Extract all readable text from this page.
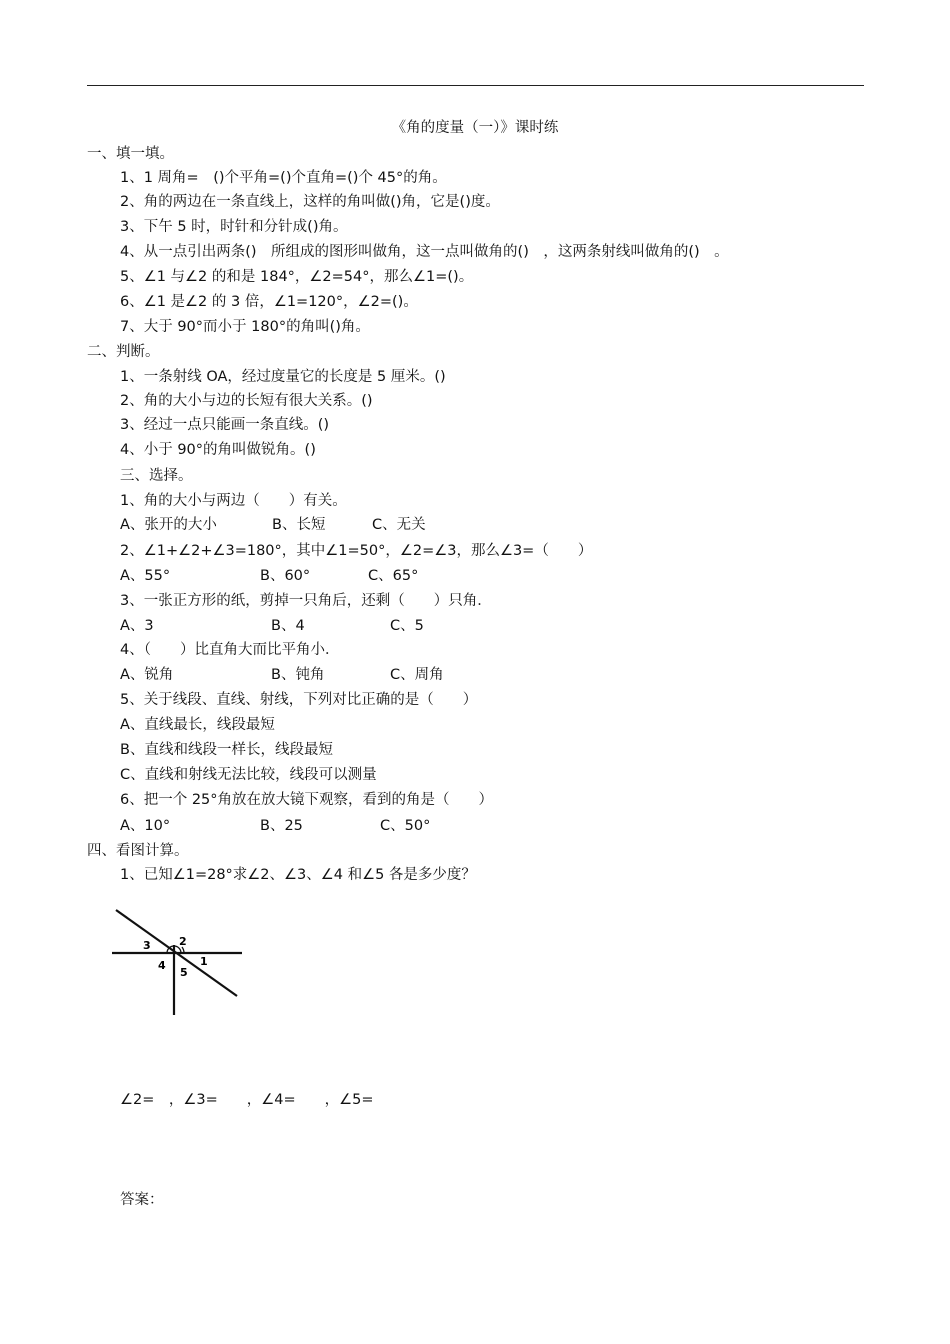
《角的度量（一）》课时练
一、填一填。
1、1 周角=　()个平角=()个直角=()个 45°的角。
2、角的两边在一条直线上，这样的角叫做()角，它是()度。
3、下午 5 时，时针和分针成()角。
4、从一点引出两条()　所组成的图形叫做角，这一点叫做角的()　，这两条射线叫做角的()　。
5、∠1 与∠2 的和是 184°，∠2=54°，那么∠1=()。
6、∠1 是∠2 的 3 倍，∠1=120°，∠2=()。
7、大于 90°而小于 180°的角叫()角。
二、判断。
1、一条射线 OA，经过度量它的长度是 5 厘米。()
2、角的大小与边的长短有很大关系。()
3、经过一点只能画一条直线。()
4、小于 90°的角叫做锐角。()
三、选择。
1、角的大小与两边（　　）有关。

A、张开的大小

	B、长短

	C、无关

2、∠1+∠2+∠3=180°，其中∠1=50°，∠2=∠3，那么∠3=（　　）

A、55°

	B、60°

	C、65°

3、一张正方形的纸，剪掉一只角后，还剩（　　）只角．

A、3

	B、4

	C、5

4、（　　）比直角大而比平角小．

A、锐角

	B、钝角

	C、周角

5、关于线段、直线、射线，下列对比正确的是（　　）
A、直线最长，线段最短
B、直线和线段一样长，线段最短
C、直线和射线无法比较，线段可以测量
6、把一个 25°角放在放大镜下观察，看到的角是（　　）

A、10°

	B、25

	C、50°

四、看图计算。
1、已知∠1=28°求∠2、∠3、∠4 和∠5 各是多少度？
3	2
4
5
1
∠2=　，∠3=　　，∠4=　　，∠5=
答案：
